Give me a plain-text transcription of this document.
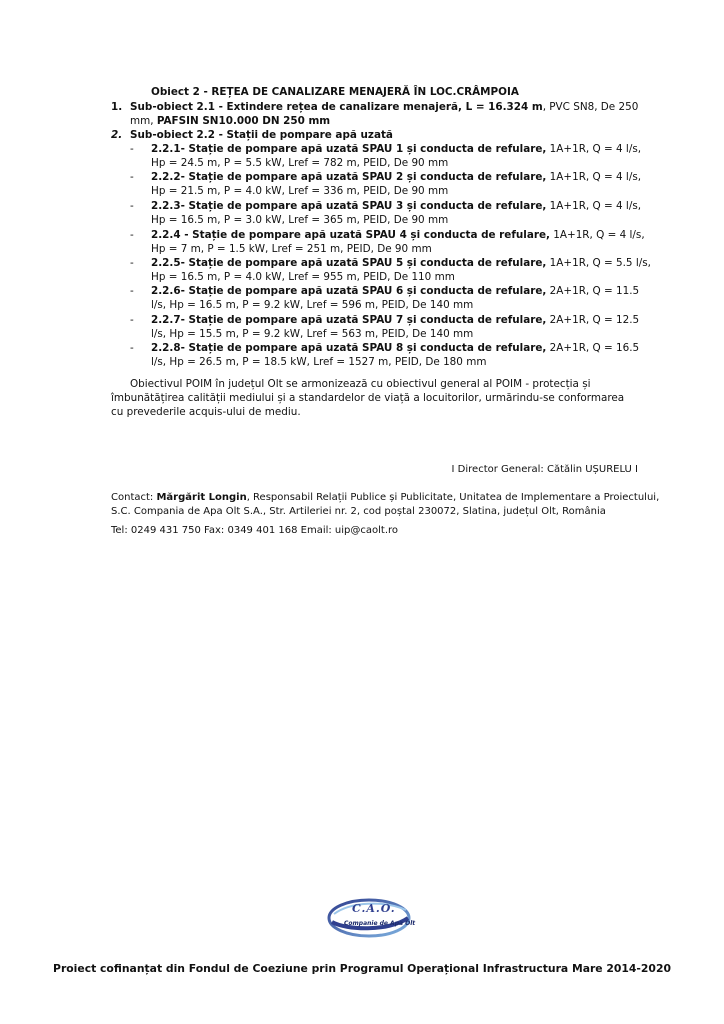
Obiect 2 - REȚEA DE CANALIZARE MENAJERĂ ÎN LOC.CRÂMPOIA
1. Sub-obiect 2.1 - Extindere rețea de canalizare menajeră, L = 16.324 m, PVC SN8, De 250
mm, PAFSIN SN10.000 DN 250 mm
2. Sub-obiect 2.2 - Stații de pompare apă uzată
- 2.2.1- Stație de pompare apă uzată SPAU 1 și conducta de refulare, 1A+1R, Q = 4 l/s,
Hp = 24.5 m, P = 5.5 kW, Lref = 782 m, PEID, De 90 mm
- 2.2.2- Stație de pompare apă uzată SPAU 2 și conducta de refulare, 1A+1R, Q = 4 l/s,
Hp = 21.5 m, P = 4.0 kW, Lref = 336 m, PEID, De 90 mm
- 2.2.3- Stație de pompare apă uzată SPAU 3 și conducta de refulare, 1A+1R, Q = 4 l/s,
Hp = 16.5 m, P = 3.0 kW, Lref = 365 m, PEID, De 90 mm
- 2.2.4 - Stație de pompare apă uzată SPAU 4 și conducta de refulare, 1A+1R, Q = 4 l/s,
Hp = 7 m, P = 1.5 kW, Lref = 251 m, PEID, De 90 mm
- 2.2.5- Stație de pompare apă uzată SPAU 5 și conducta de refulare, 1A+1R, Q = 5.5 l/s,
Hp = 16.5 m, P = 4.0 kW, Lref = 955 m, PEID, De 110 mm
- 2.2.6- Stație de pompare apă uzată SPAU 6 și conducta de refulare, 2A+1R, Q = 11.5
l/s, Hp = 16.5 m, P = 9.2 kW, Lref = 596 m, PEID, De 140 mm
- 2.2.7- Stație de pompare apă uzată SPAU 7 și conducta de refulare, 2A+1R, Q = 12.5
l/s, Hp = 15.5 m, P = 9.2 kW, Lref = 563 m, PEID, De 140 mm
- 2.2.8- Stație de pompare apă uzată SPAU 8 și conducta de refulare, 2A+1R, Q = 16.5
l/s, Hp = 26.5 m, P = 18.5 kW, Lref = 1527 m, PEID, De 180 mm
Obiectivul POIM în județul Olt se armonizează cu obiectivul general al POIM - protecția și
îmbunătățirea calității mediului și a standardelor de viață a locuitorilor, urmărindu-se conformarea
cu prevederile acquis-ului de mediu.
I Director General: Cătălin UȘURELU I
Contact: Mărgărit Longin, Responsabil Relații Publice și Publicitate, Unitatea de Implementare a Proiectului,
S.C. Compania de Apa Olt S.A., Str. Artileriei nr. 2, cod poștal 230072, Slatina, județul Olt, România
Tel: 0249 431 750 Fax: 0349 401 168 Email: uip@caolt.ro
C.A.O.
Companie de Apa Olt
Proiect cofinanțat din Fondul de Coeziune prin Programul Operațional Infrastructura Mare 2014-2020
